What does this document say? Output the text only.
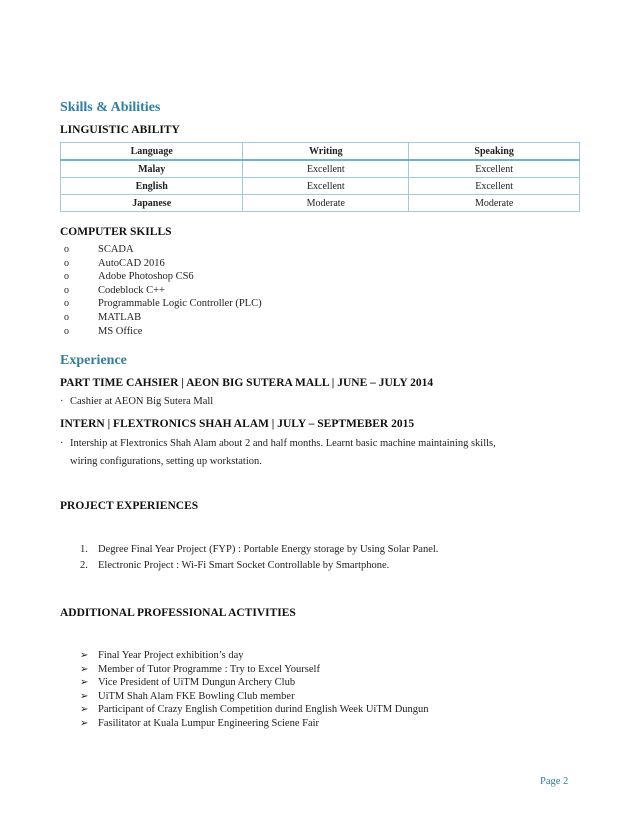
Skills & Abilities
LINGUISTIC ABILITY
Language	Writing	Speaking
Malay	Excellent	Excellent
English	Excellent	Excellent
Japanese	Moderate	Moderate
COMPUTER SKILLS
o	SCADA
o	AutoCAD 2016
o	Adobe Photoshop CS6
o	Codeblock C++
o	Programmable Logic Controller (PLC)
o	MATLAB
o	MS Office
Experience
PART TIME CAHSIER | AEON BIG SUTERA MALL | JUNE – JULY 2014
· Cashier at AEON Big Sutera Mall
INTERN | FLEXTRONICS SHAH ALAM | JULY – SEPTMEBER 2015
· Intership at Flextronics Shah Alam about 2 and half months. Learnt basic machine maintaining skills,
wiring configurations, setting up workstation.
PROJECT EXPERIENCES
1. Degree Final Year Project (FYP) : Portable Energy storage by Using Solar Panel.
2. Electronic Project : Wi-Fi Smart Socket Controllable by Smartphone.
ADDITIONAL PROFESSIONAL ACTIVITIES
➢ Final Year Project exhibition’s day
➢ Member of Tutor Programme : Try to Excel Yourself
➢ Vice President of UiTM Dungun Archery Club
➢ UiTM Shah Alam FKE Bowling Club member
➢ Participant of Crazy English Competition durind English Week UiTM Dungun
➢ Fasilitator at Kuala Lumpur Engineering Sciene Fair
Page 2
